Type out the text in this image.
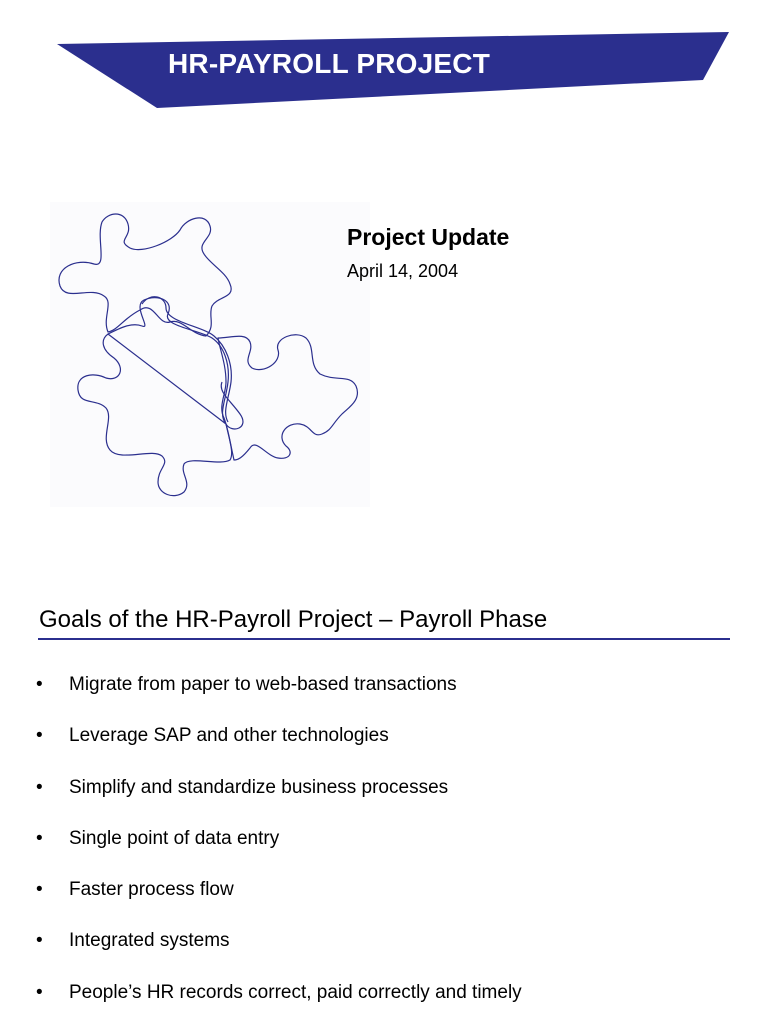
HR-PAYROLL PROJECT
Project Update
April 14, 2004
Goals of the HR-Payroll Project – Payroll Phase
•	Migrate from paper to web-based transactions
•	Leverage SAP and other technologies
•	Simplify and standardize business processes
•	Single point of data entry
•	Faster process flow
•	Integrated systems
•	People’s HR records correct, paid correctly and timely
